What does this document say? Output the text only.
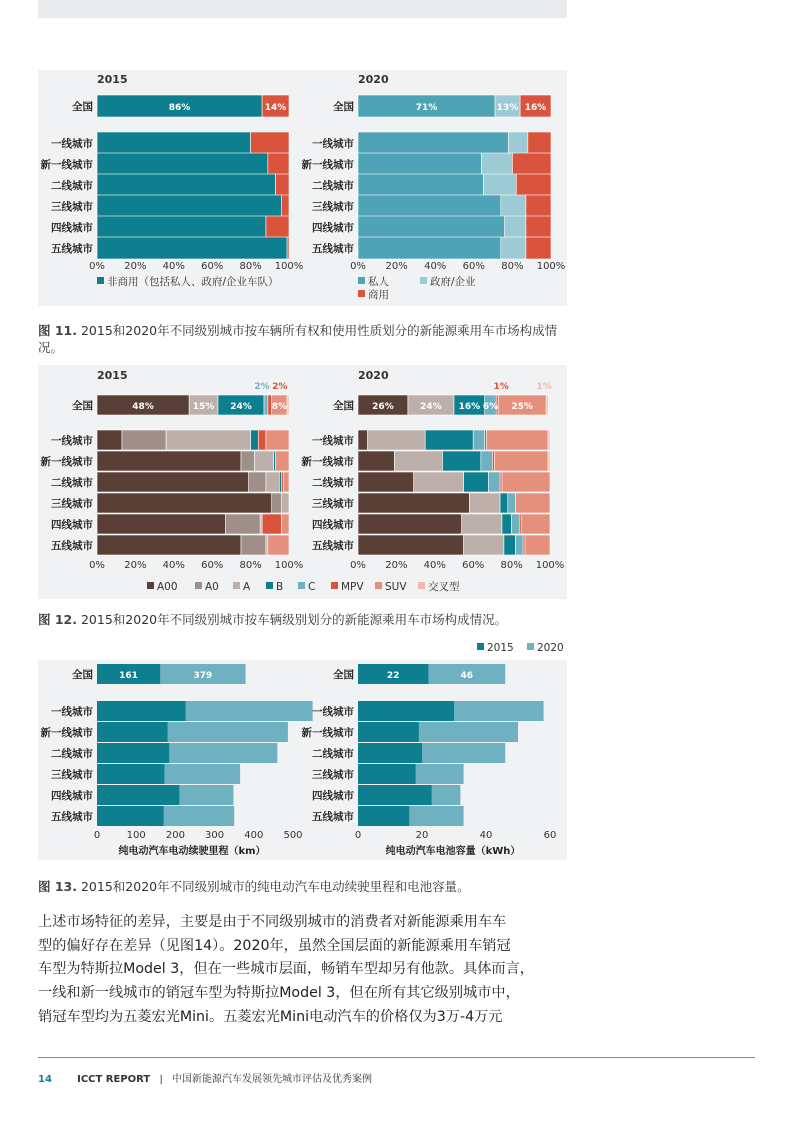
全国
一线城市
新一线城市
二线城市
三线城市
四线城市
五线城市
2015
0% 20% 40% 60% 80% 100%
全国
一线城市
新一线城市
二线城市
三线城市
四线城市
五线城市
2020
0% 20% 40% 60% 80% 100%
86%	14%	71%	13% 16%
非商用（包括私人、政府/企业车队）	私人	政府/企业
商用
全国
一线城市
新一线城市
二线城市
三线城市
四线城市
五线城市
2015
0% 20% 40% 60% 80% 100%
全国
一线城市
新一线城市
二线城市
三线城市
四线城市
五线城市
2020
0% 20% 40% 60% 80% 100%
48%	15% 24% 8%
2% 2%
26%	24% 16% 6% 25%
1%	1%
A00	A0 A B C MPV SUV 交叉型
全国
一线城市
新一线城市
二线城市
三线城市
四线城市
五线城市
161	379
0	100 200 300 400 500
纯电动汽车电动续驶里程（km）
全国
一线城市
新一线城市
二线城市
三线城市
四线城市
五线城市
22	46
0	20	40	60
纯电动汽车电池容量（kWh）
2015 2020
图 11. 2015和2020年不同级别城市按车辆所有权和使用性质划分的新能源乘用车市场构成情况。
图 12. 2015和2020年不同级别城市按车辆级别划分的新能源乘用车市场构成情况。
图 13. 2015和2020年不同级别城市的纯电动汽车电动续驶里程和电池容量。
上述市场特征的差异，主要是由于不同级别城市的消费者对新能源乘用车车
型的偏好存在差异（见图14）。2020年，虽然全国层面的新能源乘用车销冠
车型为特斯拉Model 3，但在一些城市层面，畅销车型却另有他款。具体而言，
一线和新一线城市的销冠车型为特斯拉Model 3，但在所有其它级别城市中，
销冠车型均为五菱宏光Mini。五菱宏光Mini电动汽车的价格仅为3万-4万元
14	ICCT REPORT | 中国新能源汽车发展领先城市评估及优秀案例
